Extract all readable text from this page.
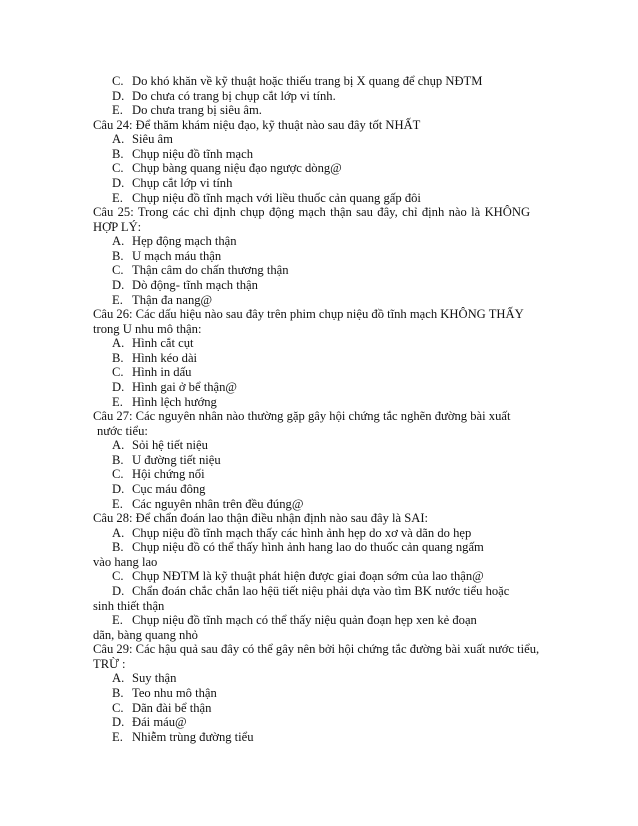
C. Do khó khăn về kỹ thuật hoặc thiếu trang bị X quang để chụp NĐTM
D. Do chưa có trang bị chụp cắt lớp vi tính.
E. Do chưa trang bị siêu âm.
Câu 24: Để thăm khám niệu đạo, kỹ thuật nào sau đây tốt NHẤT
A. Siêu âm
B. Chụp niệu đồ tĩnh mạch
C. Chụp bàng quang niệu đạo ngược dòng@
D. Chụp cắt lớp vi tính
E. Chụp niệu đồ tĩnh mạch với liều thuốc cản quang gấp đôi
Câu 25: Trong các chỉ định chụp động mạch thận sau đây, chỉ định nào là KHÔNG
HỢP LÝ:
A. Hẹp động mạch thận
B. U mạch máu thận
C. Thận câm do chấn thương thận
D. Dò động- tĩnh mạch thận
E. Thận đa nang@
Câu 26: Các dấu hiệu nào sau đây trên phim chụp niệu đồ tĩnh mạch KHÔNG THẤY
trong U nhu mô thận:
A. Hình cắt cụt
B. Hình kéo dài
C. Hình in dấu
D. Hình gai ở bể thận@
E. Hình lệch hướng
Câu 27: Các nguyên nhân nào thường gặp gây hội chứng tắc nghẽn đường bài xuất
nước tiểu:
A. Sỏi hệ tiết niệu
B. U đường tiết niệu
C. Hội chứng nối
D. Cục máu đông
E. Các nguyên nhân trên đều đúng@
Câu 28: Để chẩn đoán lao thận điều nhận định nào sau đây là SAI:
A. Chụp niệu đồ tĩnh mạch thấy các hình ảnh hẹp do xơ và dãn do hẹp
B. Chụp niệu đồ có thể thấy hình ảnh hang lao do thuốc cản quang ngấm
vào hang lao
C. Chụp NĐTM là kỹ thuật phát hiện được giai đoạn sớm của lao thận@
D. Chẩn đoán chắc chắn lao hệü tiết niệu phải dựa vào tìm BK nước tiểu hoặc
sinh thiết thận
E. Chụp niệu đồ tĩnh mạch có thể thấy niệu quản đoạn hẹp xen kẻ đoạn
dãn, bàng quang nhỏ
Câu 29: Các hậu quả sau đây có thể gây nên bởi hội chứng tắc đường bài xuất nước tiểu,
TRỪ :
A. Suy thận
B. Teo nhu mô thận
C. Dãn đài bể thận
D. Đái máu@
E. Nhiễm trùng đường tiểu
